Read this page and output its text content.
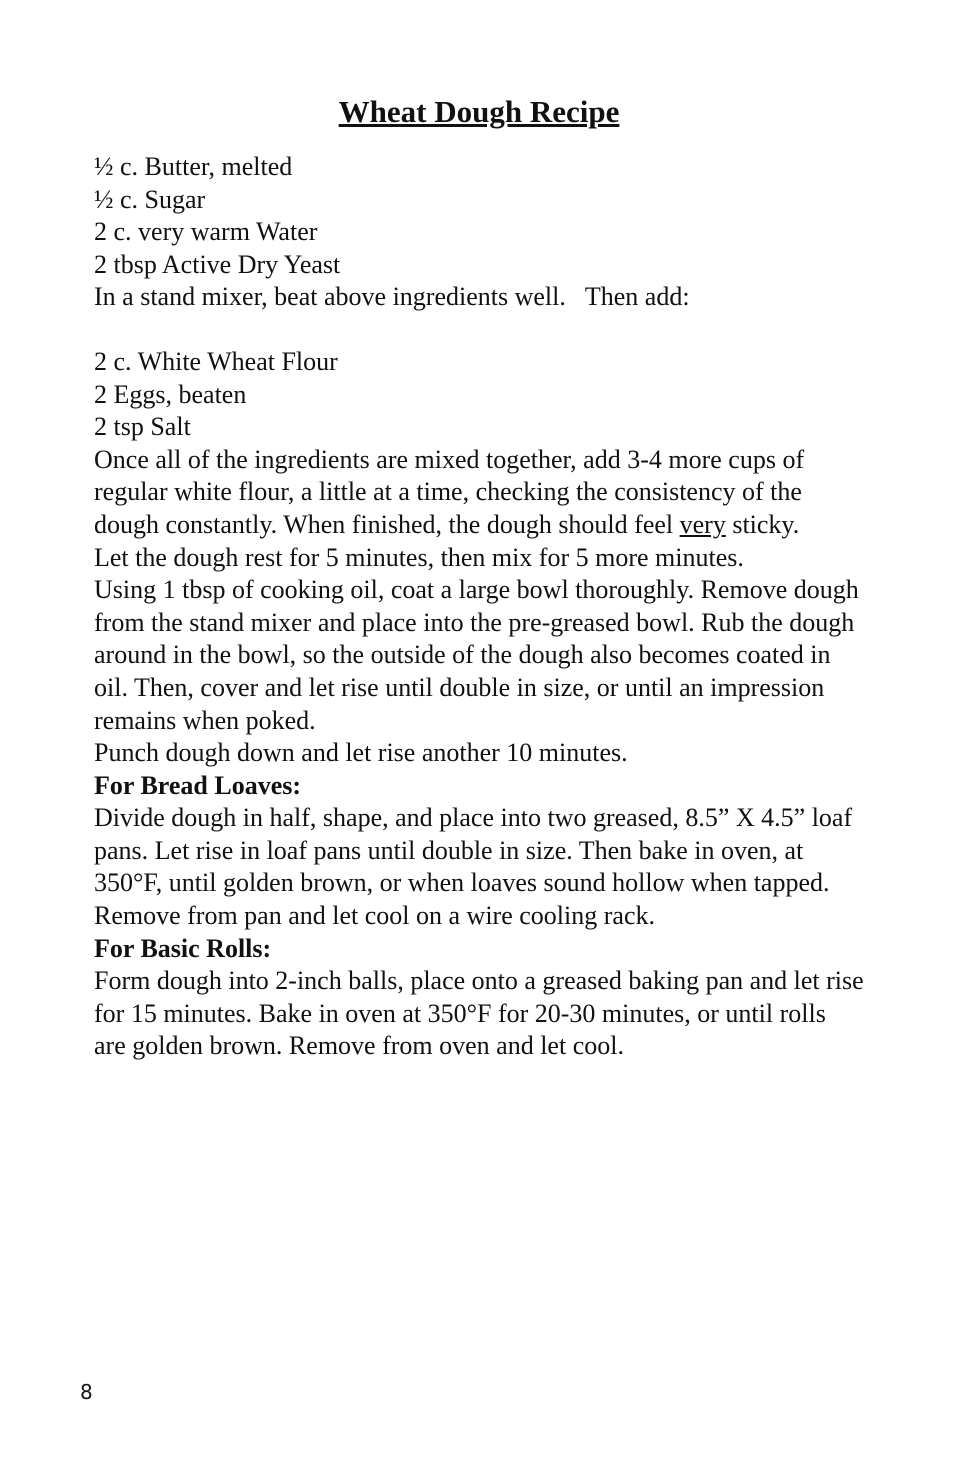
Wheat Dough Recipe
½ c. Butter, melted
½ c. Sugar
2 c. very warm Water
2 tbsp Active Dry Yeast

In a stand mixer, beat above ingredients well.   Then add:

2 c. White Wheat Flour
2 Eggs, beaten
2 tsp Salt

Once all of the ingredients are mixed together, add 3-4 more cups of regular white flour, a little at a time, checking the consistency of the dough constantly. When finished, the dough should feel very sticky.

Let the dough rest for 5 minutes, then mix for 5 more minutes.

Using 1 tbsp of cooking oil, coat a large bowl thoroughly. Remove dough from the stand mixer and place into the pre-greased bowl. Rub the dough around in the bowl, so the outside of the dough also becomes coated in oil. Then, cover and let rise until double in size, or until an impression remains when poked.

Punch dough down and let rise another 10 minutes.

For Bread Loaves:

Divide dough in half, shape, and place into two greased, 8.5” X 4.5” loaf pans. Let rise in loaf pans until double in size. Then bake in oven, at 350°F, until golden brown, or when loaves sound hollow when tapped. Remove from pan and let cool on a wire cooling rack.

For Basic Rolls:

Form dough into 2-inch balls, place onto a greased baking pan and let rise for 15 minutes. Bake in oven at 350°F for 20-30 minutes, or until rolls are golden brown. Remove from oven and let cool.

8
